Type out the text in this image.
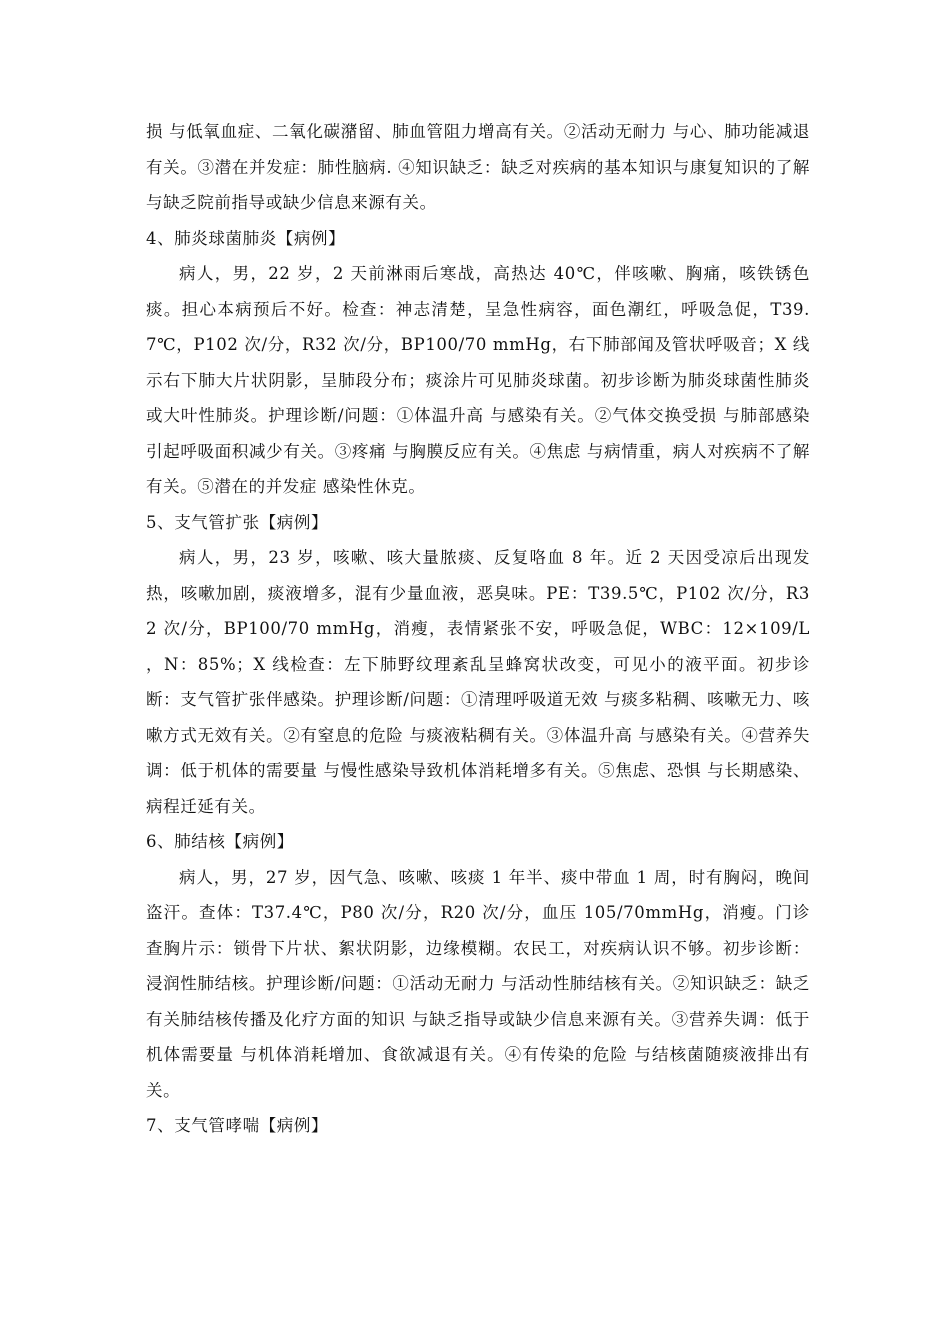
损 与低氧血症、二氧化碳潴留、肺血管阻力增高有关。②活动无耐力 与心、肺功能减退有关。③潜在并发症：肺性脑病. ④知识缺乏：缺乏对疾病的基本知识与康复知识的了解 与缺乏院前指导或缺少信息来源有关。

4、肺炎球菌肺炎【病例】

病人，男，22 岁，2 天前淋雨后寒战，高热达 40℃，伴咳嗽、胸痛，咳铁锈色痰。担心本病预后不好。检查：神志清楚，呈急性病容，面色潮红，呼吸急促，T39.7℃，P102 次/分，R32 次/分，BP100/70 mmHg，右下肺部闻及管状呼吸音；X 线示右下肺大片状阴影，呈肺段分布；痰涂片可见肺炎球菌。初步诊断为肺炎球菌性肺炎或大叶性肺炎。护理诊断/问题：①体温升高 与感染有关。②气体交换受损 与肺部感染引起呼吸面积减少有关。③疼痛 与胸膜反应有关。④焦虑 与病情重，病人对疾病不了解有关。⑤潜在的并发症 感染性休克。

5、支气管扩张【病例】

病人，男，23 岁，咳嗽、咳大量脓痰、反复咯血 8 年。近 2 天因受凉后出现发热，咳嗽加剧，痰液增多，混有少量血液，恶臭味。PE：T39.5℃，P102 次/分，R32 次/分，BP100/70 mmHg，消瘦，表情紧张不安，呼吸急促，WBC：12×109/L ，N：85%；X 线检查：左下肺野纹理紊乱呈蜂窝状改变，可见小的液平面。初步诊断：支气管扩张伴感染。护理诊断/问题：①清理呼吸道无效 与痰多粘稠、咳嗽无力、咳嗽方式无效有关。②有窒息的危险 与痰液粘稠有关。③体温升高 与感染有关。④营养失调：低于机体的需要量 与慢性感染导致机体消耗增多有关。⑤焦虑、恐惧 与长期感染、病程迁延有关。

6、肺结核【病例】

病人，男，27 岁，因气急、咳嗽、咳痰 1 年半、痰中带血 1 周，时有胸闷，晚间盗汗。查体：T37.4℃，P80 次/分，R20 次/分，血压 105/70mmHg，消瘦。门诊查胸片示：锁骨下片状、絮状阴影，边缘模糊。农民工，对疾病认识不够。初步诊断：浸润性肺结核。护理诊断/问题：①活动无耐力 与活动性肺结核有关。②知识缺乏：缺乏有关肺结核传播及化疗方面的知识 与缺乏指导或缺少信息来源有关。③营养失调：低于机体需要量 与机体消耗增加、食欲减退有关。④有传染的危险 与结核菌随痰液排出有关。

7、支气管哮喘【病例】
